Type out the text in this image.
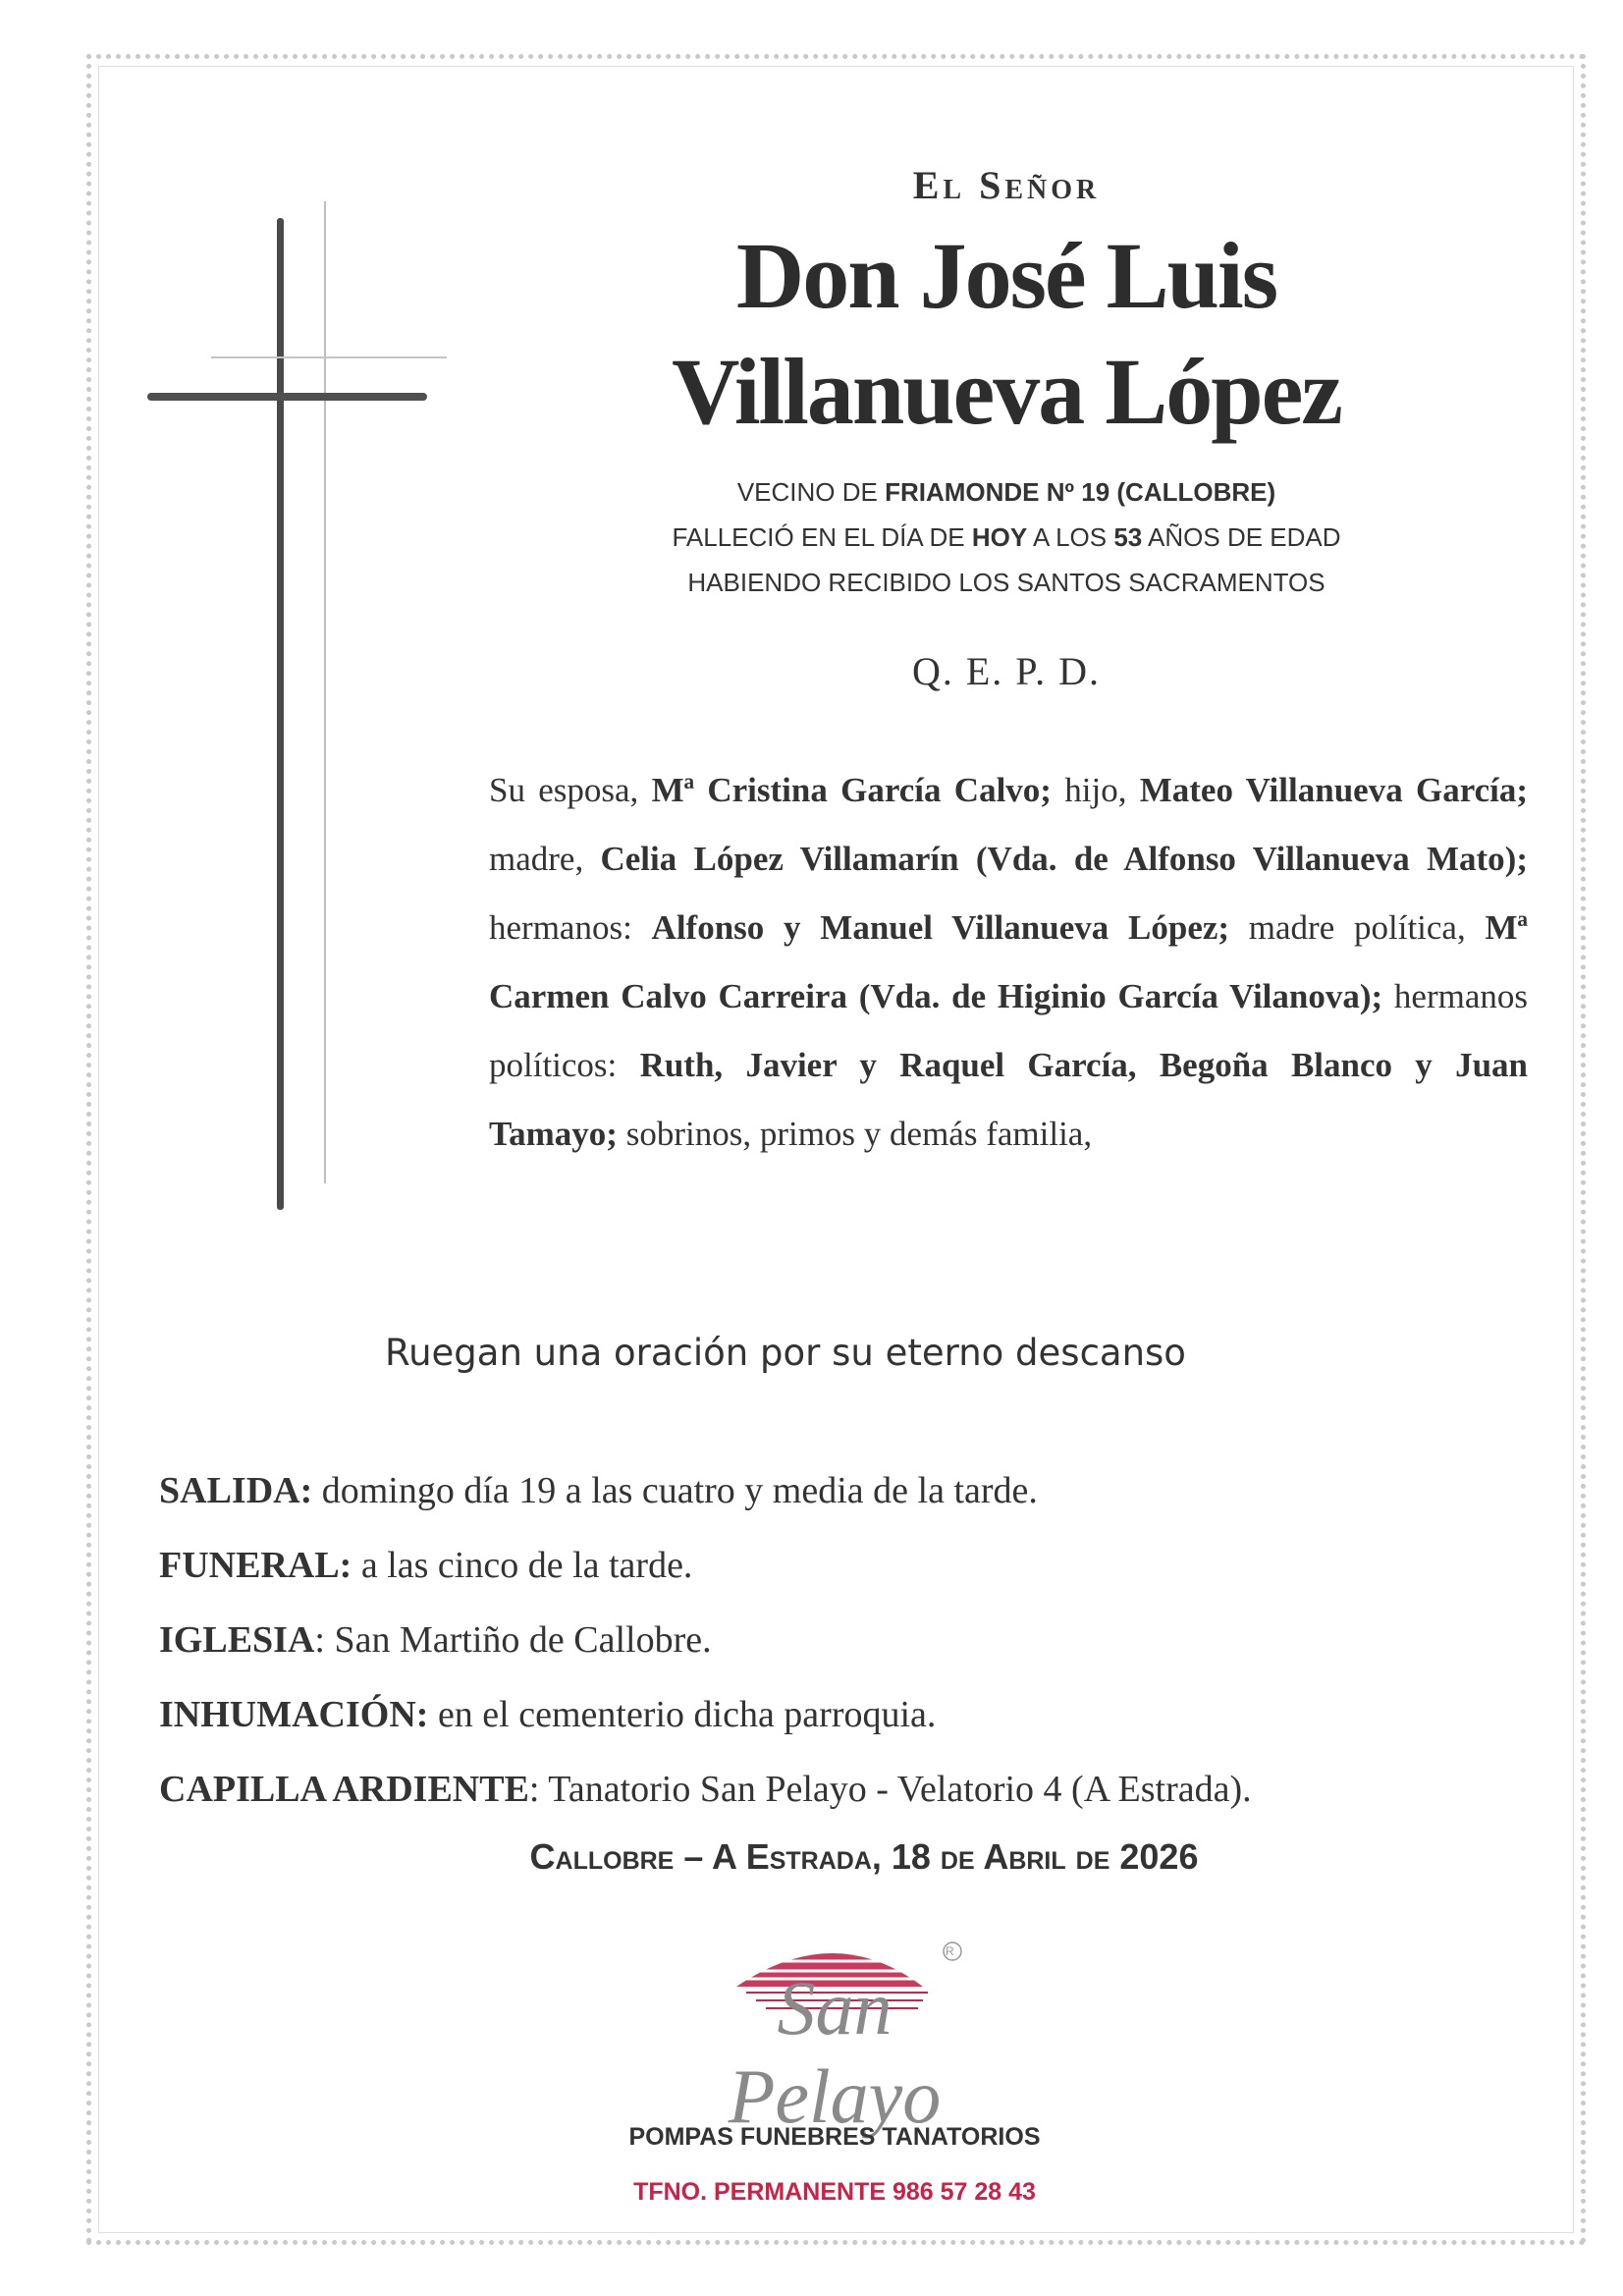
El Señor
Don José Luis
Villanueva López
VECINO DE FRIAMONDE Nº 19 (CALLOBRE)
FALLECIÓ EN EL DÍA DE HOY A LOS 53 AÑOS DE EDAD
HABIENDO RECIBIDO LOS SANTOS SACRAMENTOS
Q. E. P. D.
Su esposa, Mª Cristina García Calvo; hijo, Mateo Villanueva García; madre, Celia López Villamarín (Vda. de Alfonso Villanueva Mato); hermanos: Alfonso y Manuel Villanueva López; madre política, Mª Carmen Calvo Carreira (Vda. de Higinio García Vilanova); hermanos políticos: Ruth, Javier y Raquel García, Begoña Blanco y Juan Tamayo; sobrinos, primos y demás familia,
Ruegan una oración por su eterno descanso
SALIDA: domingo día 19 a las cuatro y media de la tarde.
FUNERAL: a las cinco de la tarde.
IGLESIA: San Martiño de Callobre.
INHUMACIÓN: en el cementerio dicha parroquia.
CAPILLA ARDIENTE: Tanatorio San Pelayo - Velatorio 4 (A Estrada).
Callobre – A Estrada, 18 de Abril de 2026
San Pelayo
R
POMPAS FUNEBRES TANATORIOS
TFNO. PERMANENTE 986 57 28 43
